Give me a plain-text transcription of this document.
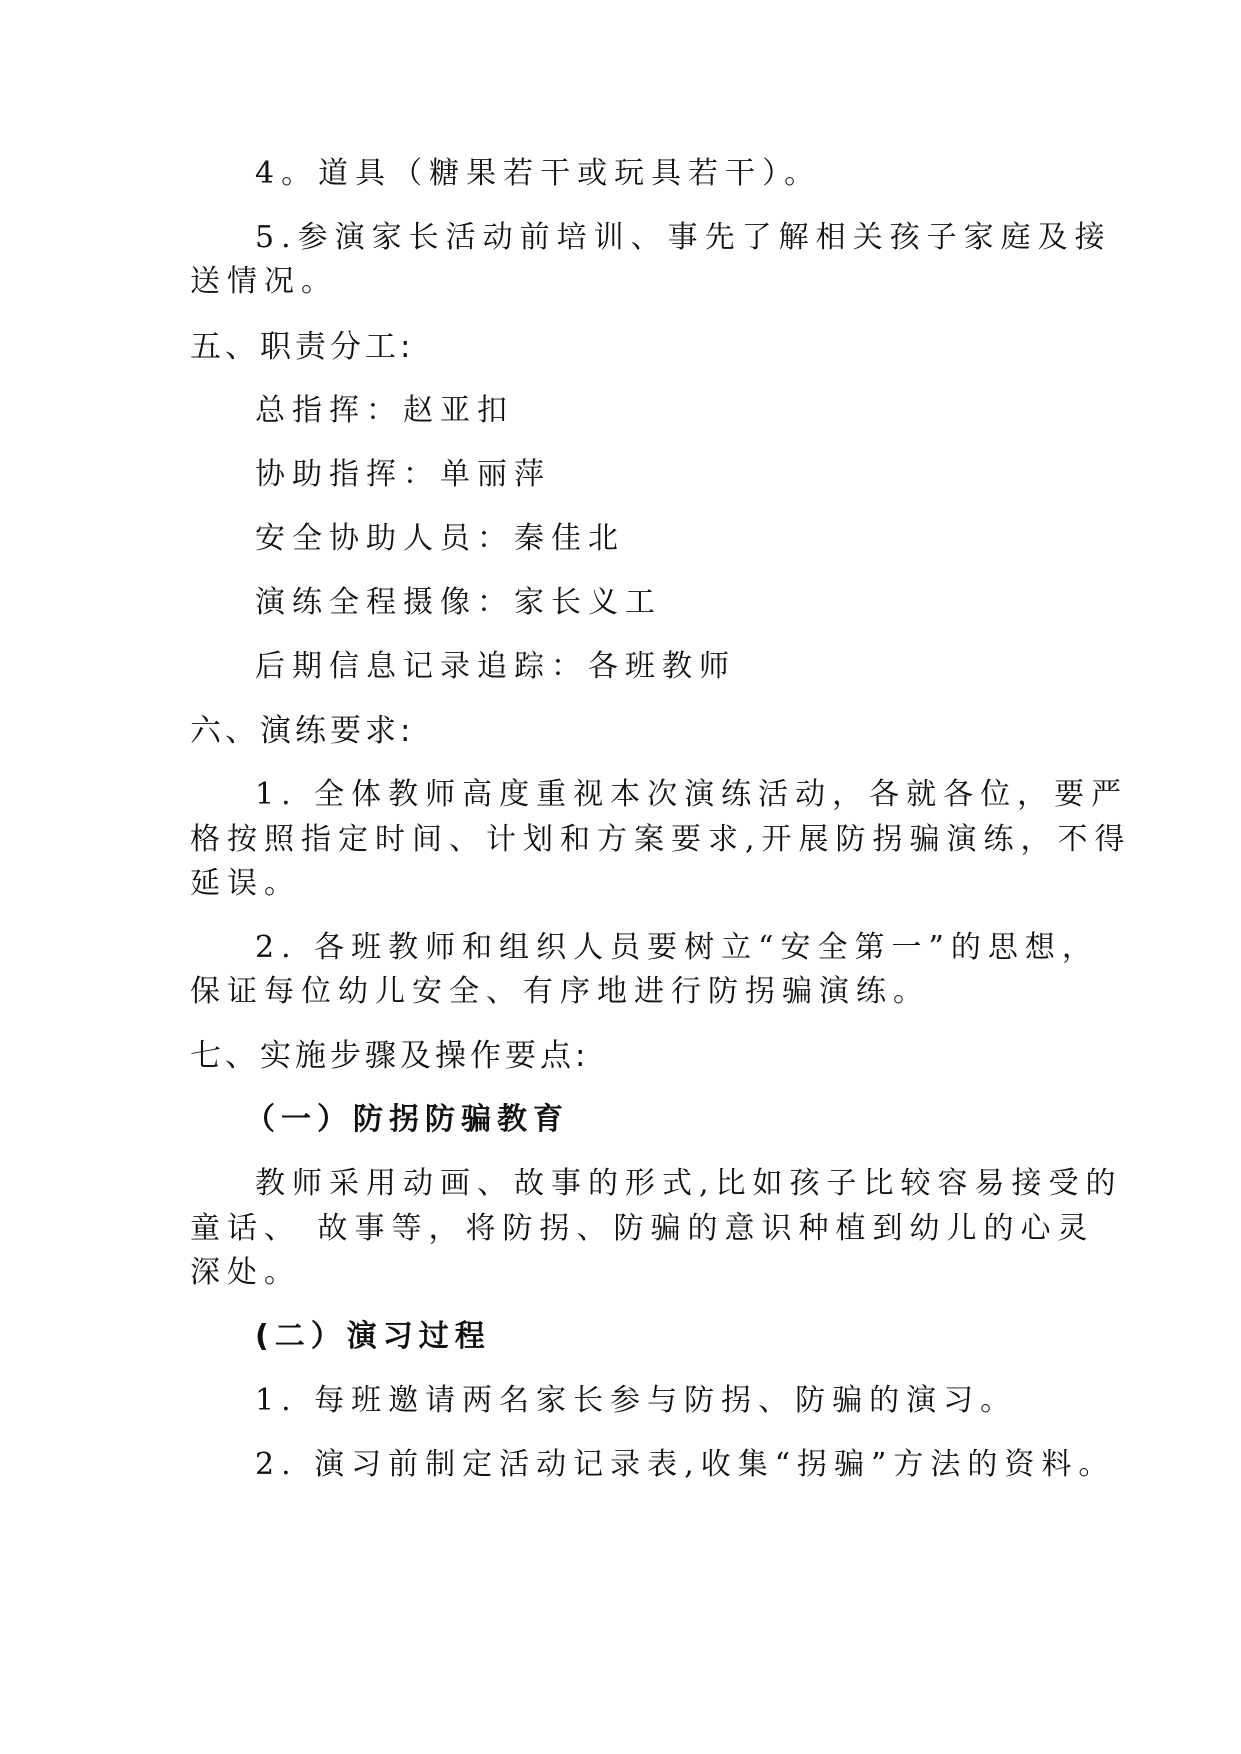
4。道具（糖果若干或玩具若干）。
5.参演家长活动前培训、事先了解相关孩子家庭及接
送情况。
五、职责分工:
总指挥：赵亚扣
协助指挥：单丽萍
安全协助人员：秦佳北
演练全程摄像：家长义工
后期信息记录追踪：各班教师
六、演练要求:
1. 全体教师高度重视本次演练活动，各就各位，要严
格按照指定时间、计划和方案要求,开展防拐骗演练，不得
延误。
2. 各班教师和组织人员要树立“安全第一”的思想，
保证每位幼儿安全、有序地进行防拐骗演练。
七、实施步骤及操作要点:
（一）防拐防骗教育
教师采用动画、故事的形式,比如孩子比较容易接受的
童话、 故事等，将防拐、防骗的意识种植到幼儿的心灵
深处。
(二）演习过程
1. 每班邀请两名家长参与防拐、防骗的演习。
2. 演习前制定活动记录表,收集“拐骗”方法的资料。
